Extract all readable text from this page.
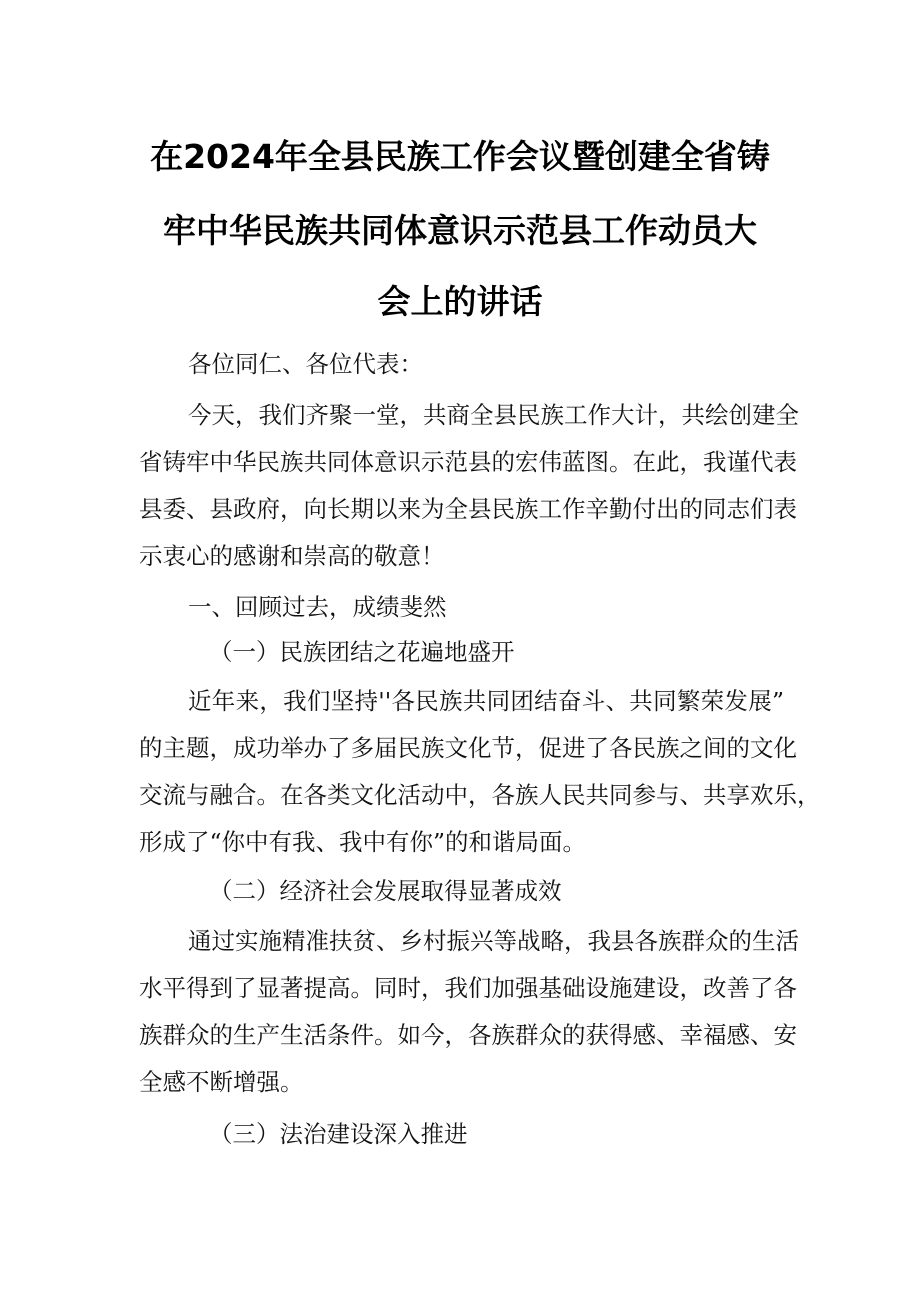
在2024年全县民族工作会议暨创建全省铸
牢中华民族共同体意识示范县工作动员大
会上的讲话
各位同仁、各位代表：
今天，我们齐聚一堂，共商全县民族工作大计，共绘创建全
省铸牢中华民族共同体意识示范县的宏伟蓝图。在此，我谨代表
县委、县政府，向长期以来为全县民族工作辛勤付出的同志们表
示衷心的感谢和崇高的敬意！
一、回顾过去，成绩斐然
（一）民族团结之花遍地盛开
近年来，我们坚持''各民族共同团结奋斗、共同繁荣发展”
的主题，成功举办了多届民族文化节，促进了各民族之间的文化
交流与融合。在各类文化活动中，各族人民共同参与、共享欢乐，
形成了“你中有我、我中有你”的和谐局面。
（二）经济社会发展取得显著成效
通过实施精准扶贫、乡村振兴等战略，我县各族群众的生活
水平得到了显著提高。同时，我们加强基础设施建设，改善了各
族群众的生产生活条件。如今，各族群众的获得感、幸福感、安
全感不断增强。
（三）法治建设深入推进
